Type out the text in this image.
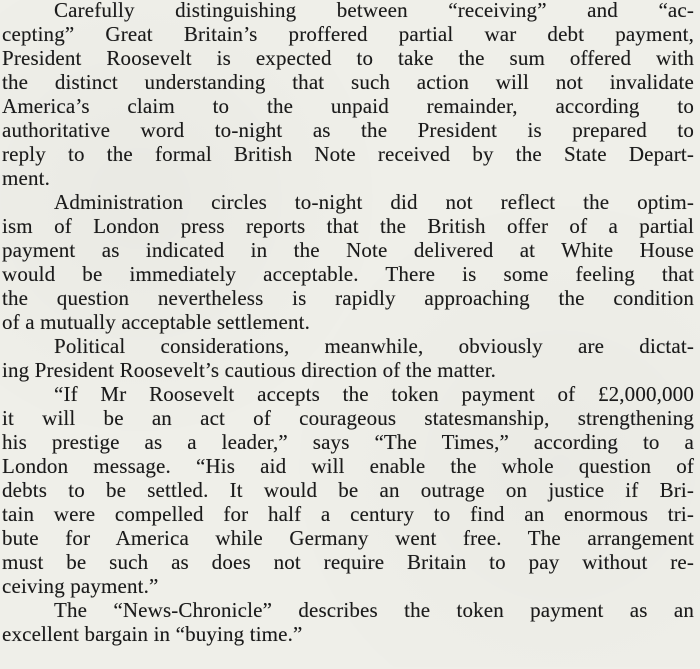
Carefully distinguishing between “receiving” and “ac-
cepting” Great Britain’s proffered partial war debt payment,
President Roosevelt is expected to take the sum offered with
the distinct understanding that such action will not invalidate
America’s claim to the unpaid remainder, according to
authoritative word to-night as the President is prepared to
reply to the formal British Note received by the State Depart-
ment.
Administration circles to-night did not reflect the optim-
ism of London press reports that the British offer of a partial
payment as indicated in the Note delivered at White House
would be immediately acceptable. There is some feeling that
the question nevertheless is rapidly approaching the condition
of a mutually acceptable settlement.
Political considerations, meanwhile, obviously are dictat-
ing President Roosevelt’s cautious direction of the matter.
“If Mr Roosevelt accepts the token payment of £2,000,000
it will be an act of courageous statesmanship, strengthening
his prestige as a leader,” says “The Times,” according to a
London message. “His aid will enable the whole question of
debts to be settled. It would be an outrage on justice if Bri-
tain were compelled for half a century to find an enormous tri-
bute for America while Germany went free. The arrangement
must be such as does not require Britain to pay without re-
ceiving payment.”
The “News-Chronicle” describes the token payment as an
excellent bargain in “buying time.”
